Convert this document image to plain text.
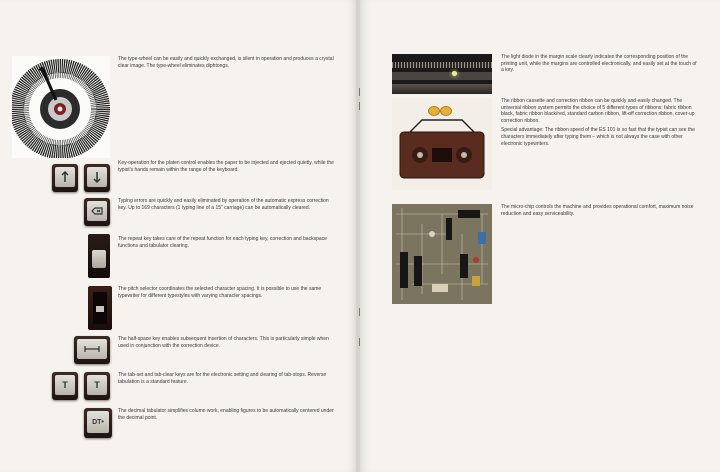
The type-wheel can be easily and quickly exchanged, is silent in operation and produces a crystal clear image. The type-wheel eliminates diphtongs.

Key-operation for the platen control enables the paper to be injected and ejected quietly, while the typist's hands remain within the range of the keyboard.

Typing errors are quickly and easily eliminated by operation of the automatic express correction key. Up to 169 characters (1 typing line of a 15" carriage) can be automatically cleared.

The repeat key takes care of the repeat function for each typing key, correction and backspace functions and tabulator clearing.

The pitch selector coordinates the selected character spacing. It is possible to use the same typewriter for different typestyles with varying character spacings.

The half-space key enables subsequent insertion of characters. This is particularly simple when used in conjunction with the correction device.

T	T

The tab-set and tab-clear keys are for the electronic setting and clearing of tab-stops. Reverse tabulation is a standard feature.

DT•

The decimal tabulator simplifies column work, enabling figures to be automatically centered under the decimal point.

The light diode in the margin scale clearly indicates the corresponding position of the printing unit, while the margins are controlled electronically, and easily set at the touch of a key.

The ribbon cassette and correction ribbon can be quickly and easily changed. The universal ribbon system permits the choice of 5 different types of ribbons: fabric ribbon black, fabric ribbon black/red, standard carbon ribbon, lift-off correction ribbon, cover-up correction ribbon.

Special advantage: The ribbon speed of the ES 101 is so fast that the typist can see the characters immediately after typing them – which is not always the case with other electronic typewriters.

The micro-chip controls the machine and provides operational comfort, maximum noise reduction and easy serviceability.
